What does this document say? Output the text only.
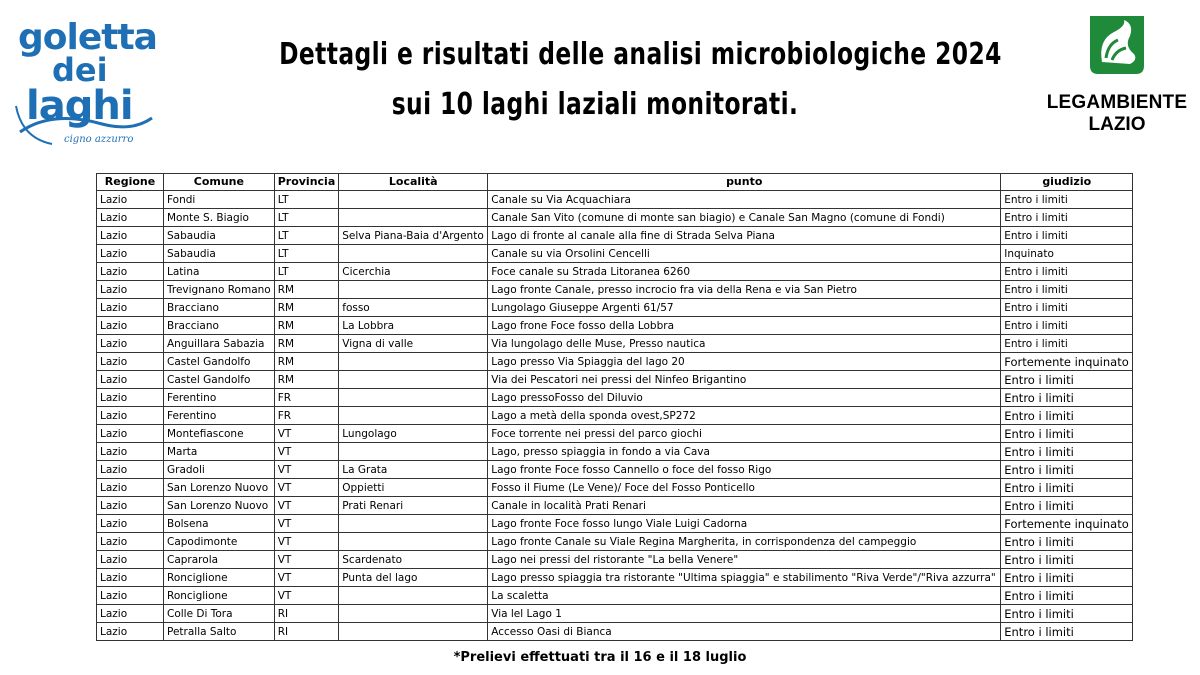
goletta
dei
laghi
cigno azzurro
Dettagli e risultati delle analisi microbiologiche 2024
sui 10 laghi laziali monitorati.	LEGAMBIENTE
LAZIO
Regione	Comune	Provincia	Località	punto	giudizio
Lazio	Fondi	LT		Canale su Via Acquachiara	Entro i limiti
Lazio	Monte S. Biagio	LT		Canale San Vito (comune di monte san biagio) e Canale San Magno (comune di Fondi)	Entro i limiti
Lazio	Sabaudia	LT	Selva Piana-Baia d'Argento	Lago di fronte al canale alla fine di Strada Selva Piana	Entro i limiti
Lazio	Sabaudia	LT		Canale su via Orsolini Cencelli	Inquinato
Lazio	Latina	LT	Cicerchia	Foce canale su Strada Litoranea 6260	Entro i limiti
Lazio	Trevignano Romano	RM		Lago fronte Canale, presso incrocio fra via della Rena e via San Pietro	Entro i limiti
Lazio	Bracciano	RM	fosso	Lungolago Giuseppe Argenti 61/57	Entro i limiti
Lazio	Bracciano	RM	La Lobbra	Lago frone Foce fosso della Lobbra	Entro i limiti
Lazio	Anguillara Sabazia	RM	Vigna di valle	Via lungolago delle Muse, Presso nautica	Entro i limiti
Lazio	Castel Gandolfo	RM		Lago presso Via Spiaggia del lago 20	Fortemente inquinato
Lazio	Castel Gandolfo	RM		Via dei Pescatori nei pressi del Ninfeo Brigantino	Entro i limiti
Lazio	Ferentino	FR		Lago pressoFosso del Diluvio	Entro i limiti
Lazio	Ferentino	FR		Lago a metà della sponda ovest,SP272	Entro i limiti
Lazio	Montefiascone	VT	Lungolago	Foce torrente nei pressi del parco giochi	Entro i limiti
Lazio	Marta	VT		Lago, presso spiaggia in fondo a via Cava	Entro i limiti
Lazio	Gradoli	VT	La Grata	Lago fronte Foce fosso Cannello o foce del fosso Rigo	Entro i limiti
Lazio	San Lorenzo Nuovo	VT	Oppietti	Fosso il Fiume (Le Vene)/ Foce del Fosso Ponticello	Entro i limiti
Lazio	San Lorenzo Nuovo	VT	Prati Renari	Canale in località Prati Renari	Entro i limiti
Lazio	Bolsena	VT		Lago fronte Foce fosso lungo Viale Luigi Cadorna	Fortemente inquinato
Lazio	Capodimonte	VT		Lago fronte Canale su Viale Regina Margherita, in corrispondenza del campeggio	Entro i limiti
Lazio	Caprarola	VT	Scardenato	Lago nei pressi del ristorante "La bella Venere"	Entro i limiti
Lazio	Ronciglione	VT	Punta del lago	Lago presso spiaggia tra ristorante "Ultima spiaggia" e stabilimento "Riva Verde"/"Riva azzurra"	Entro i limiti
Lazio	Ronciglione	VT		La scaletta	Entro i limiti
Lazio	Colle Di Tora	RI		Via lel Lago 1	Entro i limiti
Lazio	Petralla Salto	RI		Accesso Oasi di Bianca	Entro i limiti
*Prelievi effettuati tra il 16 e il 18 luglio
